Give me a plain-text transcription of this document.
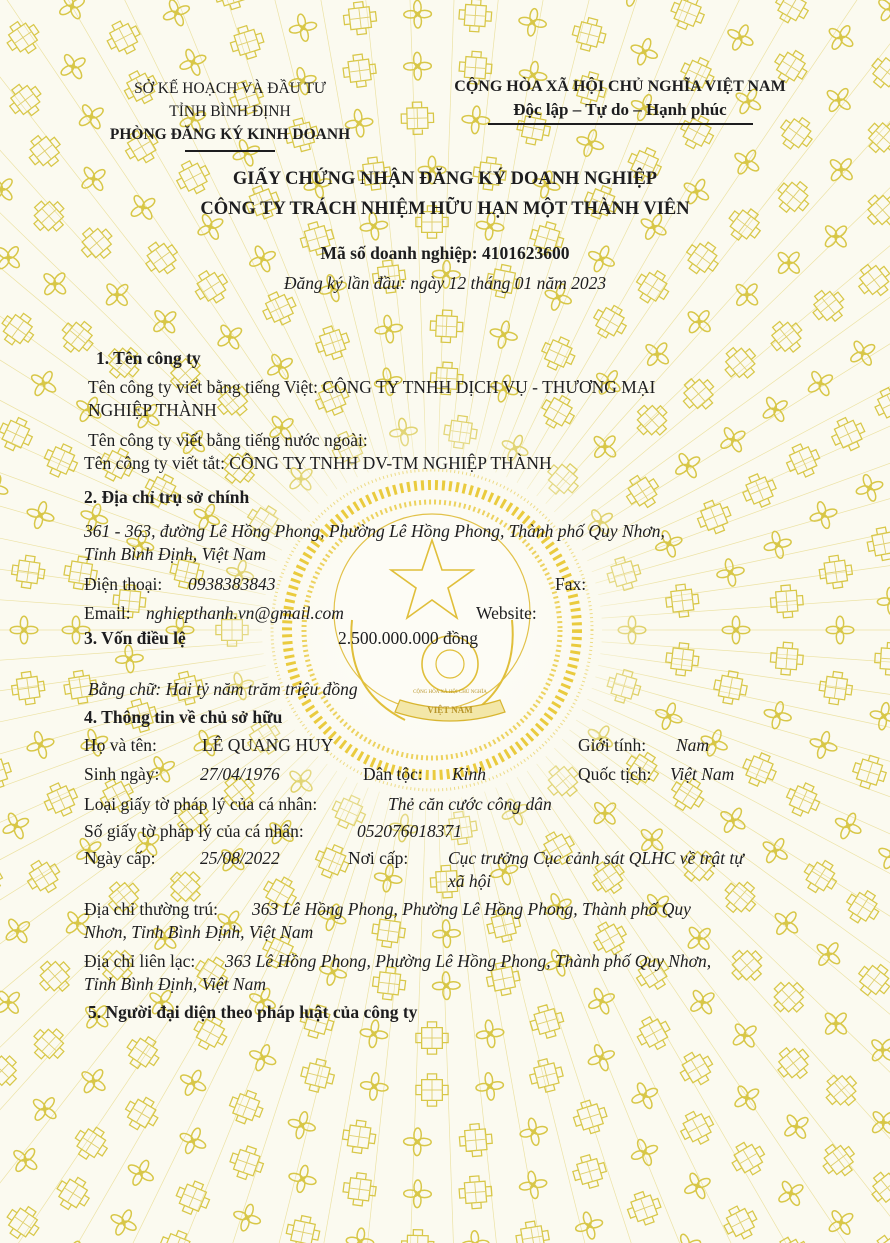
VIỆT NAM
CỘNG HÒA XÃ HỘI CHỦ NGHĨA
SỞ KẾ HOẠCH VÀ ĐẦU TƯ
TỈNH BÌNH ĐỊNH
PHÒNG ĐĂNG KÝ KINH DOANH
CỘNG HÒA XÃ HỘI CHỦ NGHĨA VIỆT NAM
Độc lập – Tự do – Hạnh phúc
GIẤY CHỨNG NHẬN ĐĂNG KÝ DOANH NGHIỆP
CÔNG TY TRÁCH NHIỆM HỮU HẠN MỘT THÀNH VIÊN
Mã số doanh nghiệp: 4101623600
Đăng ký lần đầu: ngày 12 tháng 01 năm 2023
1. Tên công ty
Tên công ty viết bằng tiếng Việt: CÔNG TY TNHH DỊCH VỤ - THƯƠNG MẠI
NGHIỆP THÀNH
Tên công ty viết bằng tiếng nước ngoài:
Tên công ty viết tắt: CÔNG TY TNHH DV-TM NGHIỆP THÀNH
2. Địa chỉ trụ sở chính
361 - 363, đường Lê Hồng Phong, Phường Lê Hồng Phong, Thành phố Quy Nhơn,
Tỉnh Bình Định, Việt Nam
Điện thoại: 0938383843	Fax:
Email: nghiepthanh.vn@gmail.com	Website:
3. Vốn điều lệ	2.500.000.000 đồng
Bằng chữ: Hai tỷ năm trăm triệu đồng
4. Thông tin về chủ sở hữu
Họ và tên:	LÊ QUANG HUY	Giới tính: Nam
Sinh ngày: 27/04/1976	Dân tộc: Kinh	Quốc tịch: Việt Nam
Loại giấy tờ pháp lý của cá nhân:	Thẻ căn cước công dân
Số giấy tờ pháp lý của cá nhân:	052076018371
Ngày cấp:	25/08/2022	Nơi cấp: Cục trưởng Cục cảnh sát QLHC về trật tự
xã hội
Địa chỉ thường trú: 363 Lê Hồng Phong, Phường Lê Hồng Phong, Thành phố Quy
Nhơn, Tỉnh Bình Định, Việt Nam
Địa chỉ liên lạc: 363 Lê Hồng Phong, Phường Lê Hồng Phong, Thành phố Quy Nhơn,
Tỉnh Bình Định, Việt Nam
5. Người đại diện theo pháp luật của công ty
